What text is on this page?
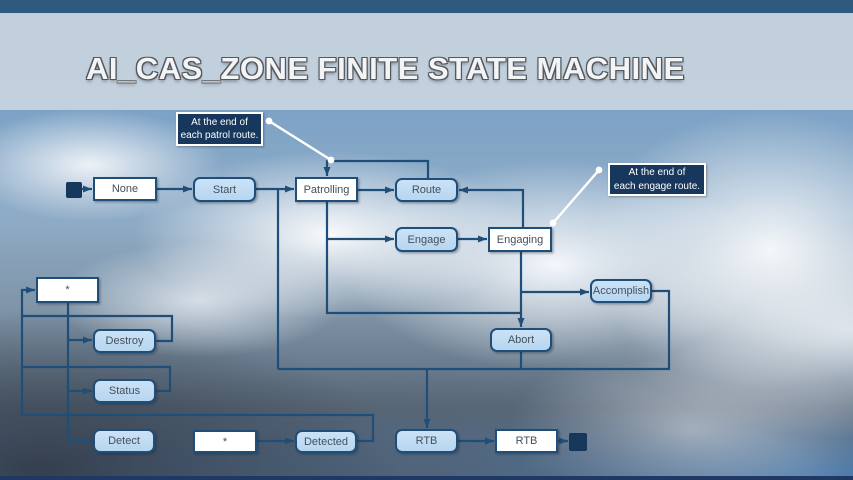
AI_CAS_ZONE FINITE STATE MACHINE
None	Start	Patrolling	Route
Engage	Engaging
Accomplish
Abort
*
Destroy
Status
Detect	*	Detected	RTB	RTB
At the end of
each patrol route.
At the end of
each engage route.
